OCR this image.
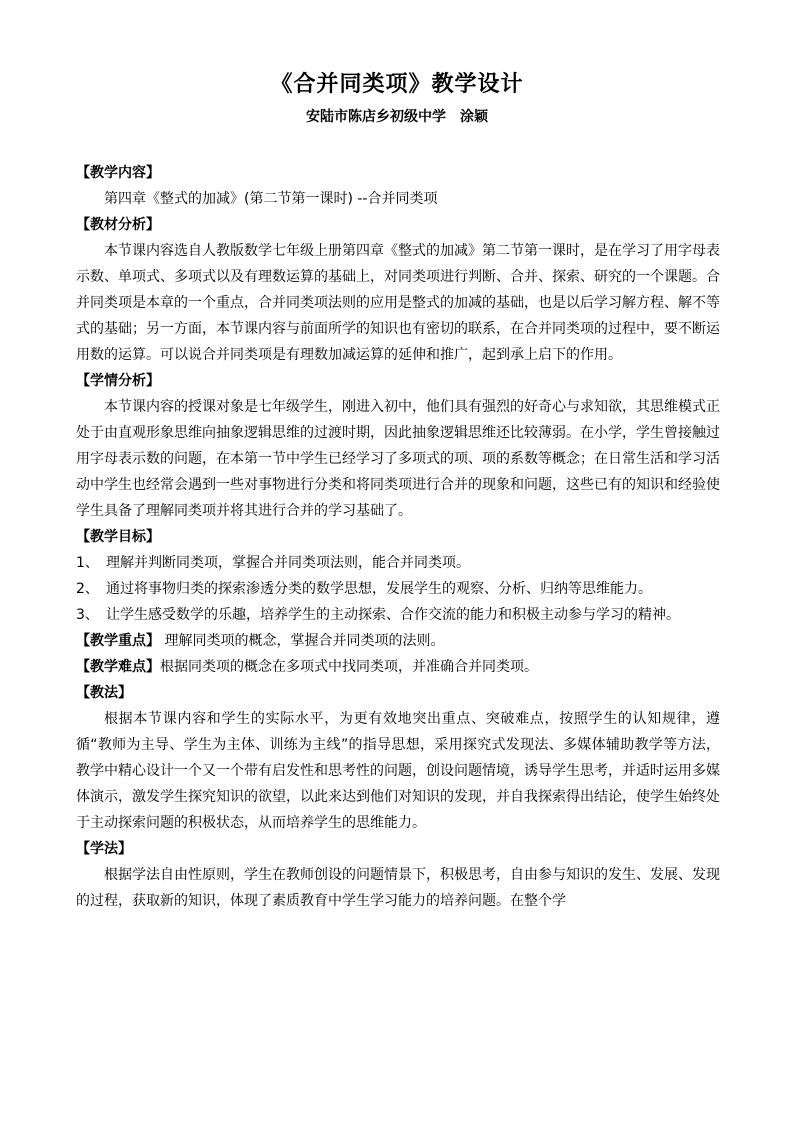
《合并同类项》教学设计
安陆市陈店乡初级中学　涂颖

【教学内容】

第四章《整式的加减》(第二节第一课时) --合并同类项

【教材分析】

本节课内容选自人教版数学七年级上册第四章《整式的加减》第二节第一课时，是在学习了用字母表示数、单项式、多项式以及有理数运算的基础上，对同类项进行判断、合并、探索、研究的一个课题。合并同类项是本章的一个重点，合并同类项法则的应用是整式的加减的基础，也是以后学习解方程、解不等式的基础；另一方面，本节课内容与前面所学的知识也有密切的联系，在合并同类项的过程中，要不断运用数的运算。可以说合并同类项是有理数加减运算的延伸和推广，起到承上启下的作用。

【学情分析】

本节课内容的授课对象是七年级学生，刚进入初中，他们具有强烈的好奇心与求知欲，其思维模式正处于由直观形象思维向抽象逻辑思维的过渡时期，因此抽象逻辑思维还比较薄弱。在小学，学生曾接触过用字母表示数的问题，在本第一节中学生已经学习了多项式的项、项的系数等概念；在日常生活和学习活动中学生也经常会遇到一些对事物进行分类和将同类项进行合并的现象和问题，这些已有的知识和经验使学生具备了理解同类项并将其进行合并的学习基础了。

【教学目标】

1、 理解并判断同类项，掌握合并同类项法则，能合并同类项。
2、 通过将事物归类的探索渗透分类的数学思想，发展学生的观察、分析、归纳等思维能力。
3、 让学生感受数学的乐趣，培养学生的主动探索、合作交流的能力和积极主动参与学习的精神。

【教学重点】 理解同类项的概念，掌握合并同类项的法则。

【教学难点】根据同类项的概念在多项式中找同类项，并准确合并同类项。

【教法】

根据本节课内容和学生的实际水平，为更有效地突出重点、突破难点，按照学生的认知规律，遵循“教师为主导、学生为主体、训练为主线”的指导思想，采用探究式发现法、多媒体辅助教学等方法，教学中精心设计一个又一个带有启发性和思考性的问题，创设问题情境，诱导学生思考，并适时运用多媒体演示，激发学生探究知识的欲望，以此来达到他们对知识的发现，并自我探索得出结论，使学生始终处于主动探索问题的积极状态，从而培养学生的思维能力。

【学法】

根据学法自由性原则，学生在教师创设的问题情景下，积极思考，自由参与知识的发生、发展、发现的过程，获取新的知识，体现了素质教育中学生学习能力的培养问题。在整个学
